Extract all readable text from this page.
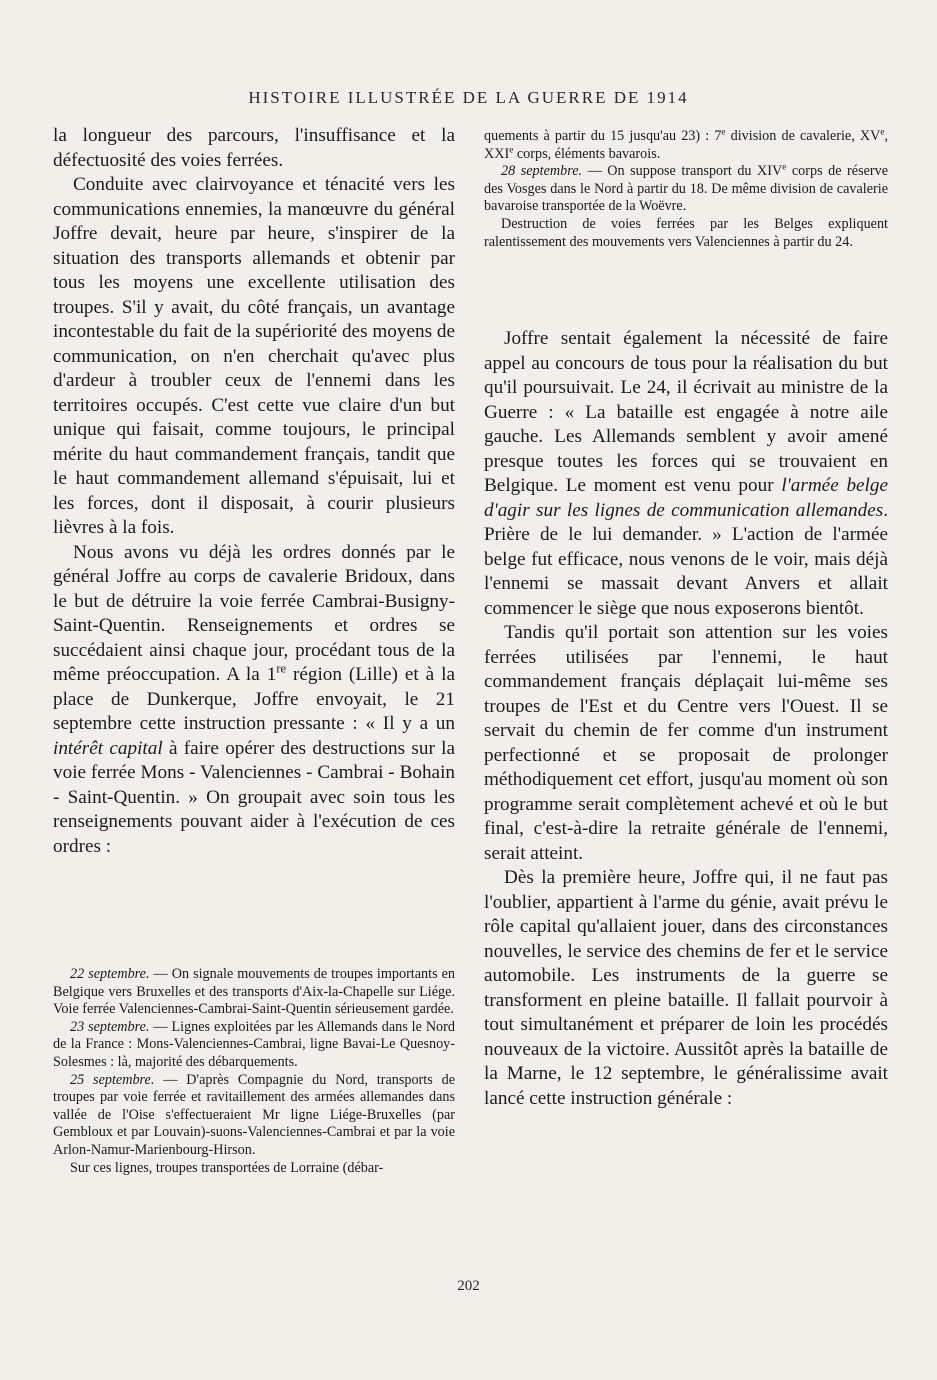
HISTOIRE ILLUSTRÉE DE LA GUERRE DE 1914

la longueur des parcours, l'insuffisance et la défectuosité des voies ferrées.

Conduite avec clairvoyance et ténacité vers les communications ennemies, la manœuvre du général Joffre devait, heure par heure, s'inspirer de la situation des transports allemands et obtenir par tous les moyens une excellente utilisation des troupes. S'il y avait, du côté français, un avantage incontestable du fait de la supériorité des moyens de communication, on n'en cherchait qu'avec plus d'ardeur à troubler ceux de l'ennemi dans les territoires occupés. C'est cette vue claire d'un but unique qui faisait, comme toujours, le principal mérite du haut commandement français, tandit que le haut commandement allemand s'épuisait, lui et les forces, dont il disposait, à courir plusieurs lièvres à la fois.

Nous avons vu déjà les ordres donnés par le général Joffre au corps de cavalerie Bridoux, dans le but de détruire la voie ferrée Cambrai-Busigny-Saint-Quentin. Renseignements et ordres se succédaient ainsi chaque jour, procédant tous de la même préoccupation. A la 1re région (Lille) et à la place de Dunkerque, Joffre envoyait, le 21 septembre cette instruction pressante : « Il y a un intérêt capital à faire opérer des destructions sur la voie ferrée Mons - Valenciennes - Cambrai - Bohain - Saint-Quentin. » On groupait avec soin tous les renseignements pouvant aider à l'exécution de ces ordres :

22 septembre. — On signale mouvements de troupes importants en Belgique vers Bruxelles et des transports d'Aix-la-Chapelle sur Liége. Voie ferrée Valenciennes-Cambrai-Saint-Quentin sérieusement gardée.

23 septembre. — Lignes exploitées par les Allemands dans le Nord de la France : Mons-Valenciennes-Cambrai, ligne Bavai-Le Quesnoy-Solesmes : là, majorité des débarquements.

25 septembre. — D'après Compagnie du Nord, transports de troupes par voie ferrée et ravitaillement des armées allemandes dans vallée de l'Oise s'effectueraient Mr ligne Liége-Bruxelles (par Gembloux et par Louvain)-suons-Valenciennes-Cambrai et par la voie Arlon-Namur-Marienbourg-Hirson.

Sur ces lignes, troupes transportées de Lorraine (débar-

quements à partir du 15 jusqu'au 23) : 7e division de cavalerie, XVe, XXIe corps, éléments bavarois.

28 septembre. — On suppose transport du XIVe corps de réserve des Vosges dans le Nord à partir du 18. De même division de cavalerie bavaroise transportée de la Woëvre.

Destruction de voies ferrées par les Belges expliquent ralentissement des mouvements vers Valenciennes à partir du 24.

Joffre sentait également la nécessité de faire appel au concours de tous pour la réalisation du but qu'il poursuivait. Le 24, il écrivait au ministre de la Guerre : « La bataille est engagée à notre aile gauche. Les Allemands semblent y avoir amené presque toutes les forces qui se trouvaient en Belgique. Le moment est venu pour l'armée belge d'agir sur les lignes de communication allemandes. Prière de le lui demander. » L'action de l'armée belge fut efficace, nous venons de le voir, mais déjà l'ennemi se massait devant Anvers et allait commencer le siège que nous exposerons bientôt.

Tandis qu'il portait son attention sur les voies ferrées utilisées par l'ennemi, le haut commandement français déplaçait lui-même ses troupes de l'Est et du Centre vers l'Ouest. Il se servait du chemin de fer comme d'un instrument perfectionné et se proposait de prolonger méthodiquement cet effort, jusqu'au moment où son programme serait complètement achevé et où le but final, c'est-à-dire la retraite générale de l'ennemi, serait atteint.

Dès la première heure, Joffre qui, il ne faut pas l'oublier, appartient à l'arme du génie, avait prévu le rôle capital qu'allaient jouer, dans des circonstances nouvelles, le service des chemins de fer et le service automobile. Les instruments de la guerre se transforment en pleine bataille. Il fallait pourvoir à tout simultanément et préparer de loin les procédés nouveaux de la victoire. Aussitôt après la bataille de la Marne, le 12 septembre, le généralissime avait lancé cette instruction générale :

202
